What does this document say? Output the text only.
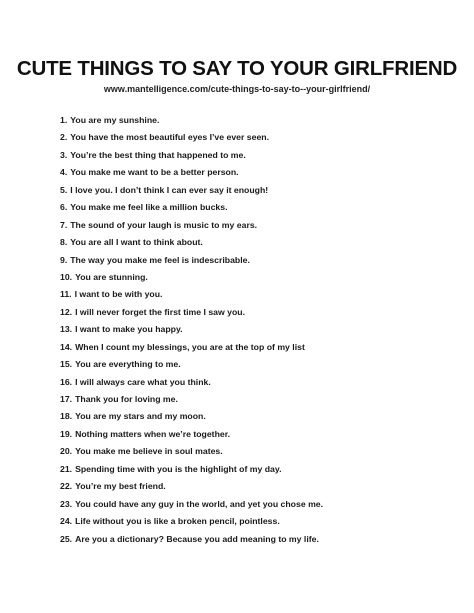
CUTE THINGS TO SAY TO YOUR GIRLFRIEND
www.mantelligence.com/cute-things-to-say-to--your-girlfriend/
1. You are my sunshine.
2. You have the most beautiful eyes I’ve ever seen.
3. You’re the best thing that happened to me.
4. You make me want to be a better person.
5. I love you. I don’t think I can ever say it enough!
6. You make me feel like a million bucks.
7. The sound of your laugh is music to my ears.
8. You are all I want to think about.
9. The way you make me feel is indescribable.
10. You are stunning.
11. I want to be with you.
12. I will never forget the first time I saw you.
13. I want to make you happy.
14. When I count my blessings, you are at the top of my list
15. You are everything to me.
16. I will always care what you think.
17. Thank you for loving me.
18. You are my stars and my moon.
19. Nothing matters when we’re together.
20. You make me believe in soul mates.
21. Spending time with you is the highlight of my day.
22. You’re my best friend.
23. You could have any guy in the world, and yet you chose me.
24. Life without you is like a broken pencil, pointless.
25. Are you a dictionary? Because you add meaning to my life.
